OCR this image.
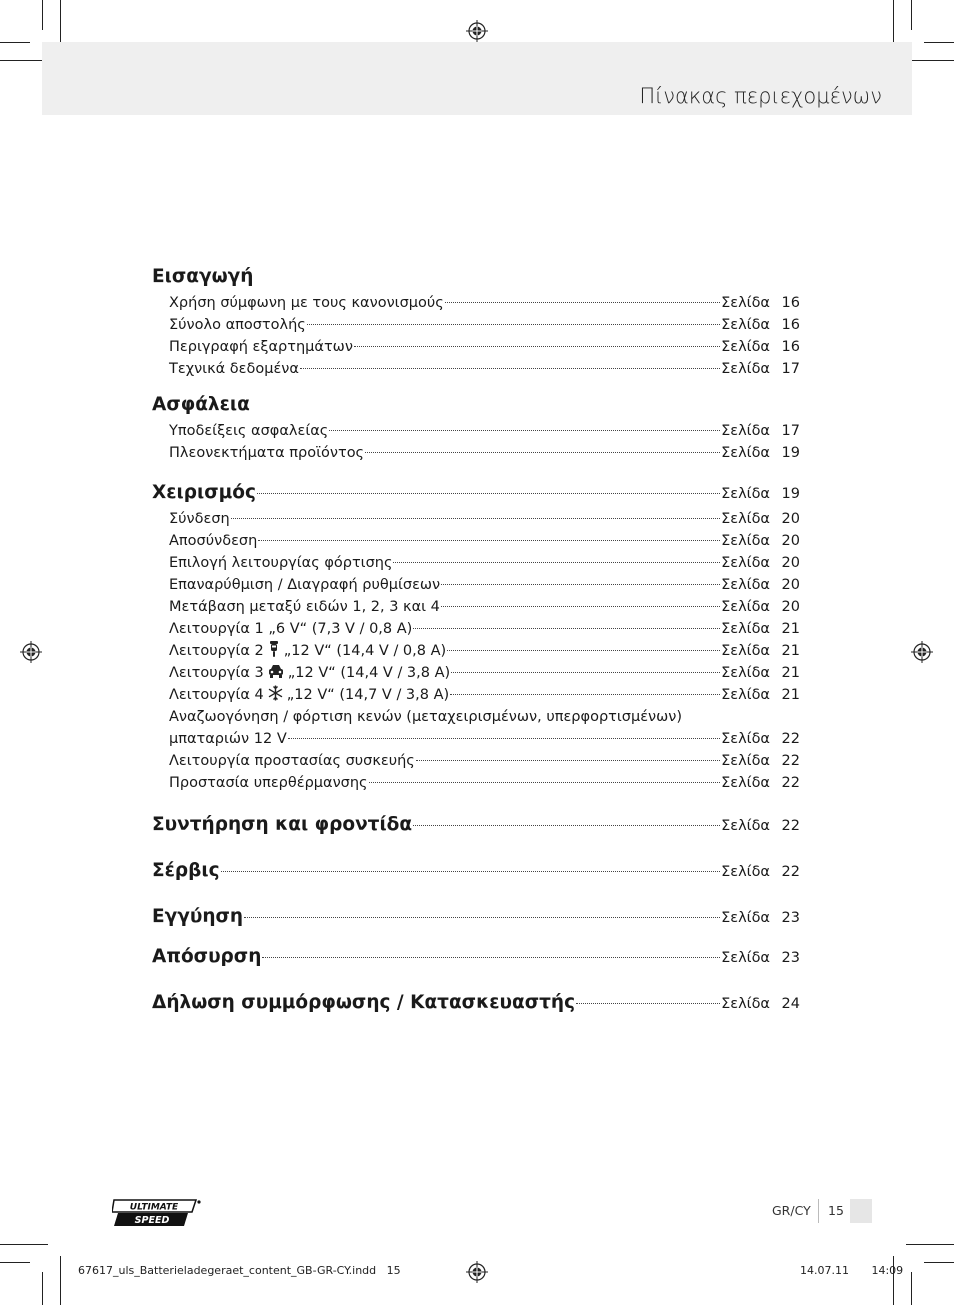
Πίνακας περιεχομένων
Εισαγωγή
Χρήση σύμφωνη με τους κανονισμούς	Σελίδα 16
Σύνολο αποστολής	Σελίδα 16
Περιγραφή εξαρτημάτων	Σελίδα 16
Τεχνικά δεδομένα	Σελίδα 17
Ασφάλεια
Υποδείξεις ασφαλείας	Σελίδα 17
Πλεονεκτήματα προϊόντος	Σελίδα 19
Χειρισμός	Σελίδα 19
Σύνδεση	Σελίδα 20
Αποσύνδεση	Σελίδα 20
Επιλογή λειτουργίας φόρτισης	Σελίδα 20
Επαναρύθμιση / Διαγραφή ρυθμίσεων	Σελίδα 20
Μετάβαση μεταξύ ειδών 1, 2, 3 και 4	Σελίδα 20
Λειτουργία 1 „6 V“ (7,3 V / 0,8 A)	Σελίδα 21
Λειτουργία 2 „12 V“ (14,4 V / 0,8 A)	Σελίδα 21
Λειτουργία 3 „12 V“ (14,4 V / 3,8 A)	Σελίδα 21
Λειτουργία 4 „12 V“ (14,7 V / 3,8 A)	Σελίδα 21
Αναζωογόνηση / φόρτιση κενών (μεταχειρισμένων, υπερφορτισμένων)
μπαταριών 12 V	Σελίδα 22
Λειτουργία προστασίας συσκευής	Σελίδα 22
Προστασία υπερθέρμανσης	Σελίδα 22
Συντήρηση και φροντίδα	Σελίδα 22
Σέρβις	Σελίδα 22
Εγγύηση	Σελίδα 23
Απόσυρση	Σελίδα 23
Δήλωση συμμόρφωσης / Κατασκευαστής	Σελίδα 24
ULTIMATE
SPEED
GR/CY 15
67617_uls_Batterieladegeraet_content_GB-GR-CY.indd   15	14.07.11   14:09
